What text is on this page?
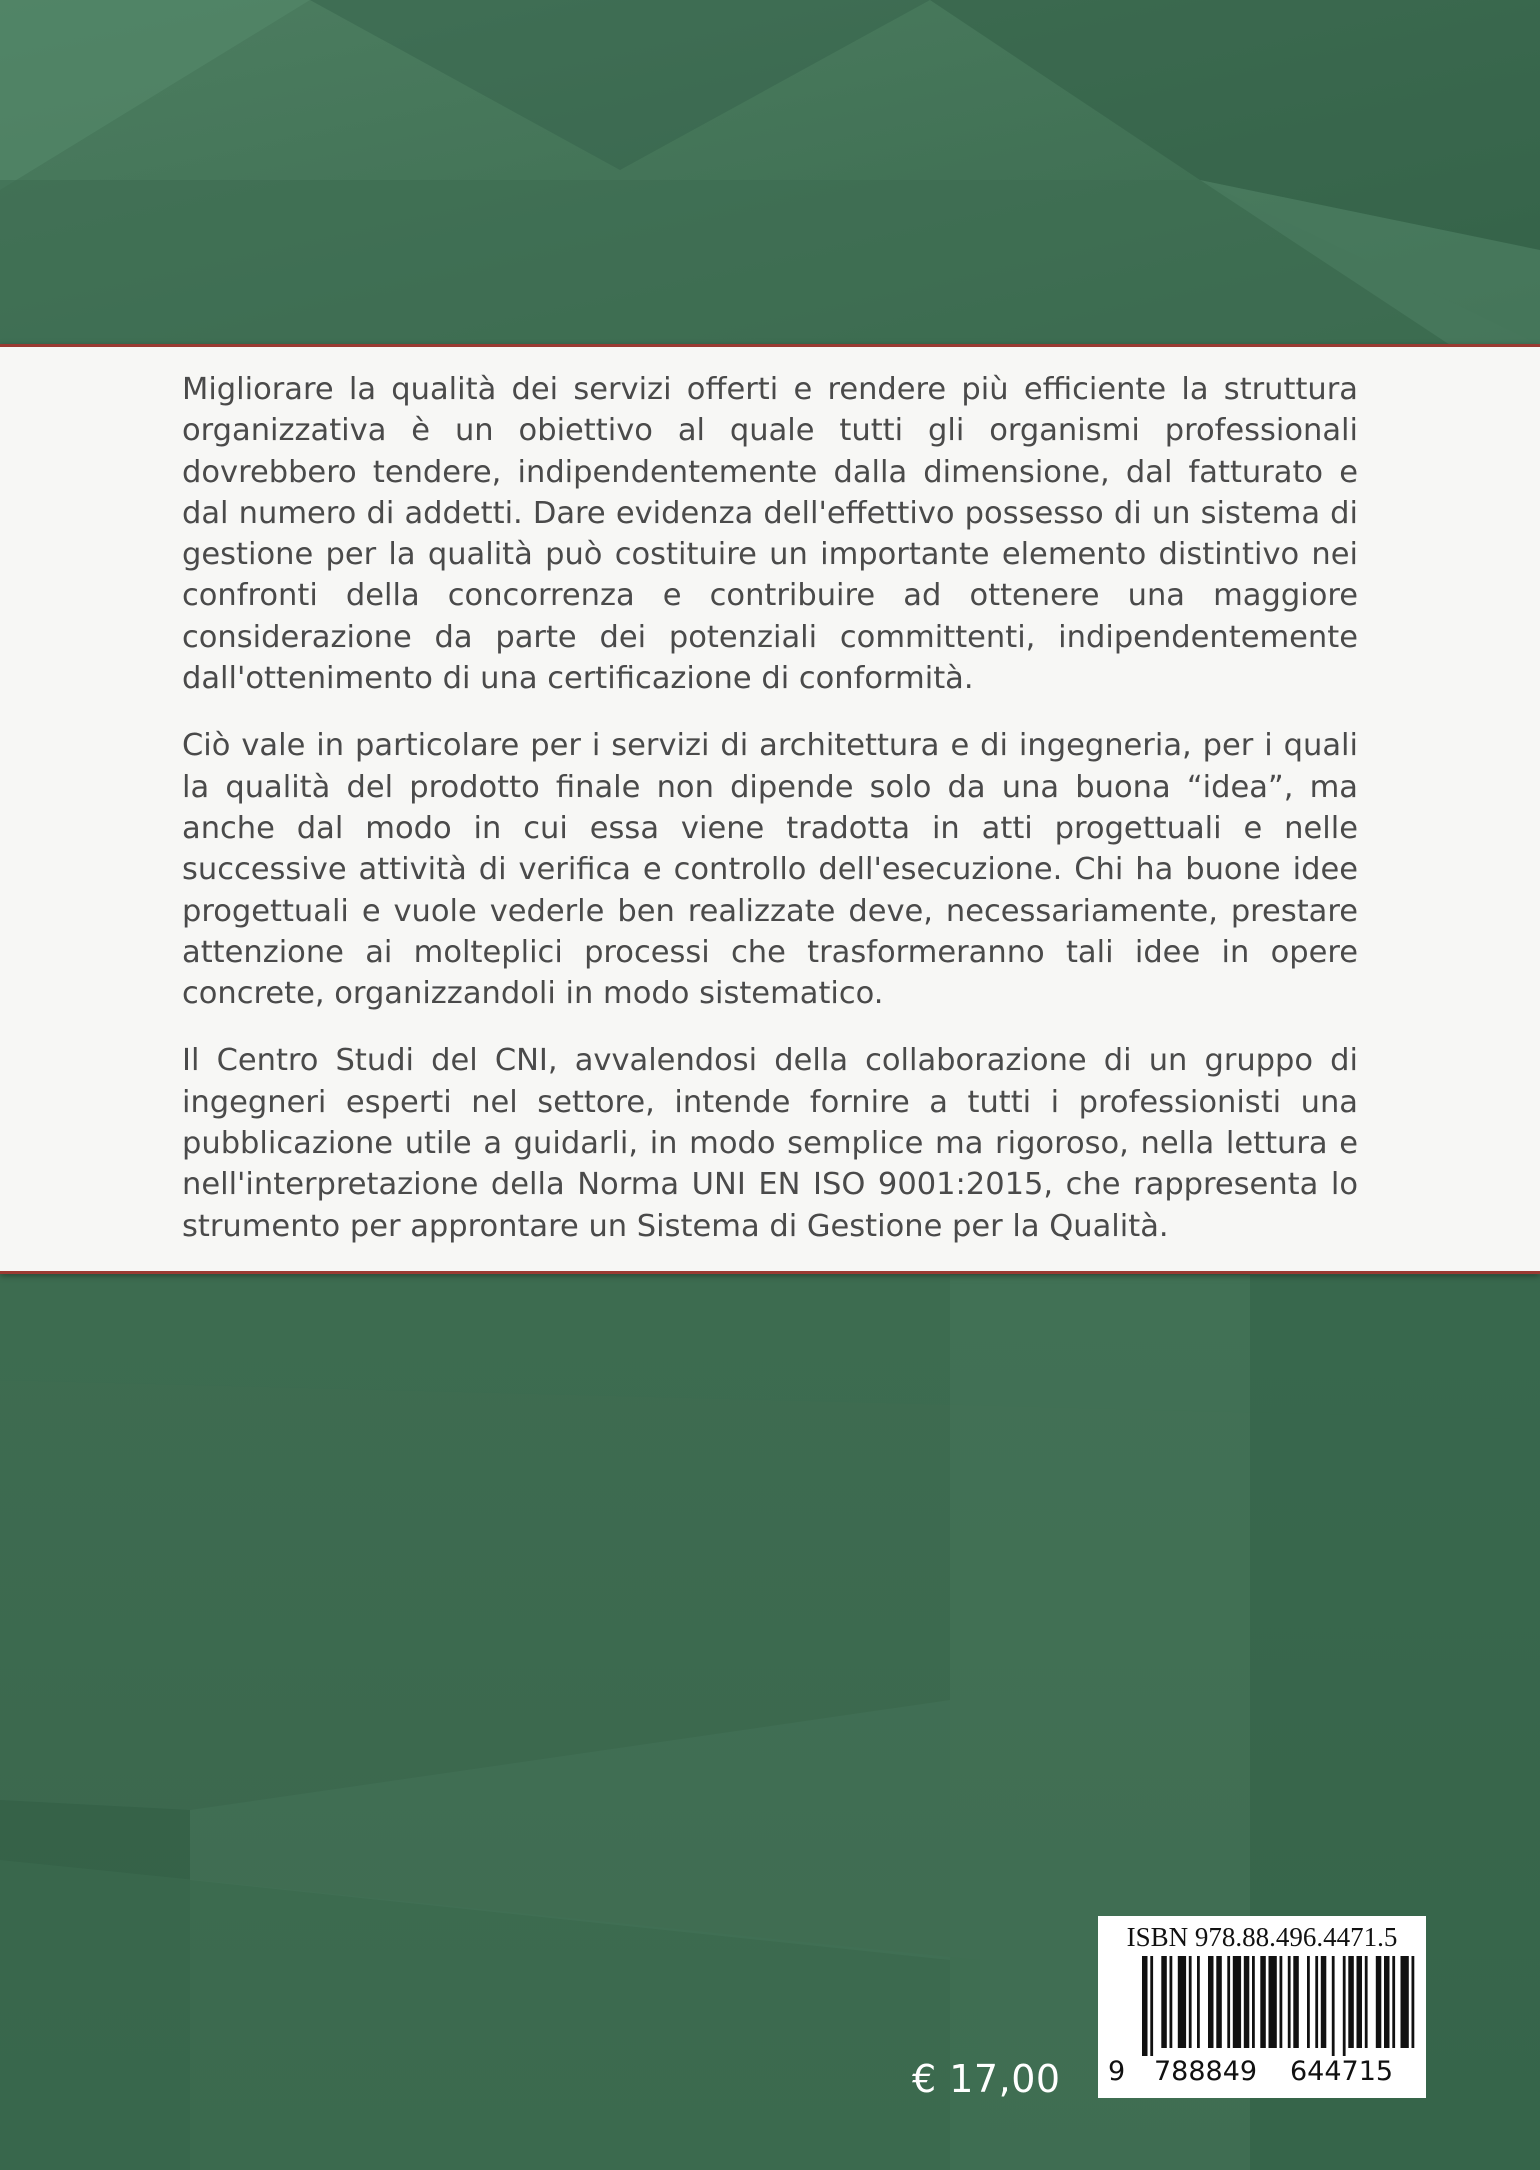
Migliorare la qualità dei servizi offerti e rendere più efficiente la struttura organizzativa è un obiettivo al quale tutti gli organismi professionali dovrebbero tendere, indipendentemente dalla dimensione, dal fatturato e dal numero di addetti. Dare evidenza dell'effettivo possesso di un sistema di gestione per la qualità può costituire un importante elemento distintivo nei confronti della concorrenza e contribuire ad ottenere una maggiore considerazione da parte dei potenziali committenti, indipendentemente dall'ottenimento di una certificazione di conformità.

Ciò vale in particolare per i servizi di architettura e di ingegneria, per i quali la qualità del prodotto finale non dipende solo da una buona “idea”, ma anche dal modo in cui essa viene tradotta in atti progettuali e nelle successive attività di verifica e controllo dell'esecuzione. Chi ha buone idee progettuali e vuole vederle ben realizzate deve, necessariamente, prestare attenzione ai molteplici processi che trasformeranno tali idee in opere concrete, organizzandoli in modo sistematico.

Il Centro Studi del CNI, avvalendosi della collaborazione di un gruppo di ingegneri esperti nel settore, intende fornire a tutti i professionisti una pubblicazione utile a guidarli, in modo semplice ma rigoroso, nella lettura e nell'interpretazione della Norma UNI EN ISO 9001:2015, che rappresenta lo strumento per approntare un Sistema di Gestione per la Qualità.

€ 17,00
ISBN 978.88.496.4471.5
9 788849 644715
